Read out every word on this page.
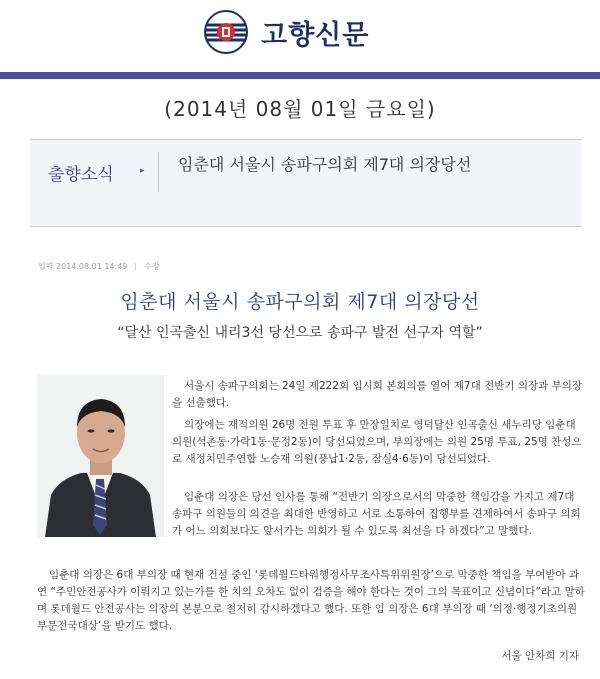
고향신문
(2014년 08월 01일 금요일)
출향소식	▸ 임춘대 서울시 송파구의회 제7대 의장당선
입력 2014.08.01 14:49 | 수정
임춘대 서울시 송파구의회 제7대 의장당선
“달산 인곡출신 내리3선 당선으로 송파구 발전 선구자 역할”

서울시 송파구의회는 24일 제222회 임시회 본회의를 열어 제7대 전반기 의장과 부의장을 선출했다.

의장에는 재적의원 26명 전원 투표 후 만장일치로 영덕달산 인곡출신 새누리당 임춘대 의원(석촌동·가락1동·문정2동)이 당선되었으며, 부의장에는 의원 25명 투표, 25명 찬성으로 새정치민주연합 노승재 의원(풍납1·2동, 잠실4·6동)이 당선되었다.

임춘대 의장은 당선 인사를 통해 “전반기 의장으로서의 막중한 책임감을 가지고 제7대 송파구 의원들의 의견을 최대한 반영하고 서로 소통하여 집행부를 견제하여서 송파구 의회가 어느 의회보다도 앞서가는 의회가 될 수 있도록 최선을 다 하겠다”고 말했다.

임춘대 의장은 6대 부의장 때 현재 건설 중인 ‘롯데월드타워행정사무조사특위위원장’으로 막중한 책임을 부여받아 과연 “주민안전공사가 이뤄지고 있는가를 한 치의 오차도 없이 검증을 해야 한다는 것이 그의 목표이고 신념이다”라고 말하며 롯데월드 안전공사는 의장의 본분으로 철저히 감시하겠다고 했다. 또한 임 의장은 6대 부의장 때 ‘의정·행정기초의원부문전국대상’을 받기도 했다.

서울 안차희 기자
